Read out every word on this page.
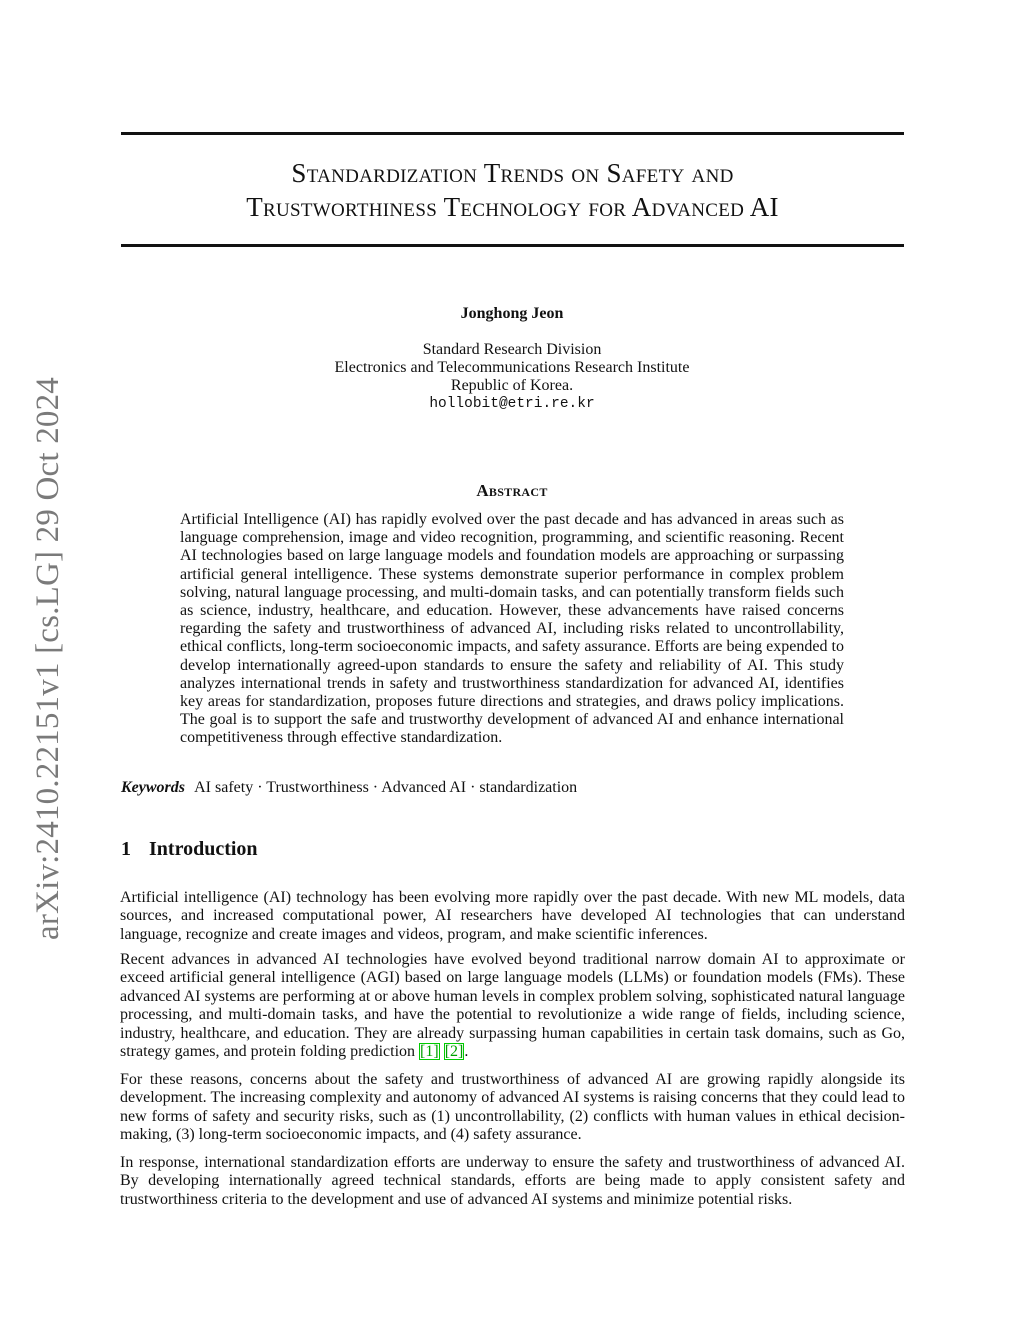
arXiv:2410.22151v1 [cs.LG] 29 Oct 2024
Standardization Trends on Safety and
Trustworthiness Technology for Advanced AI
Jonghong Jeon
Standard Research Division
Electronics and Telecommunications Research Institute
Republic of Korea.
hollobit@etri.re.kr
Abstract

Artificial Intelligence (AI) has rapidly evolved over the past decade and has advanced in areas such as language comprehension, image and video recognition, programming, and scientific reasoning. Recent AI technologies based on large language models and foundation models are approaching or surpassing artificial general intelligence. These systems demonstrate superior performance in complex problem solving, natural language processing, and multi-domain tasks, and can potentially transform fields such as science, industry, healthcare, and education. However, these advancements have raised concerns regarding the safety and trustworthiness of advanced AI, including risks related to uncontrollability, ethical conflicts, long-term socioeconomic impacts, and safety assurance. Efforts are being expended to develop internationally agreed-upon standards to ensure the safety and reliability of AI. This study analyzes international trends in safety and trustworthiness standardization for advanced AI, identifies key areas for standardization, proposes future directions and strategies, and draws policy implications. The goal is to support the safe and trustworthy development of advanced AI and enhance international competitiveness through effective standardization.

Keywords AI safety · Trustworthiness · Advanced AI · standardization
1 Introduction

Artificial intelligence (AI) technology has been evolving more rapidly over the past decade. With new ML models, data sources, and increased computational power, AI researchers have developed AI technologies that can understand language, recognize and create images and videos, program, and make scientific inferences.

Recent advances in advanced AI technologies have evolved beyond traditional narrow domain AI to approximate or exceed artificial general intelligence (AGI) based on large language models (LLMs) or foundation models (FMs). These advanced AI systems are performing at or above human levels in complex problem solving, sophisticated natural language processing, and multi-domain tasks, and have the potential to revolutionize a wide range of fields, including science, industry, healthcare, and education. They are already surpassing human capabilities in certain task domains, such as Go, strategy games, and protein folding prediction [1] [2].

For these reasons, concerns about the safety and trustworthiness of advanced AI are growing rapidly alongside its development. The increasing complexity and autonomy of advanced AI systems is raising concerns that they could lead to new forms of safety and security risks, such as (1) uncontrollability, (2) conflicts with human values in ethical decision-making, (3) long-term socioeconomic impacts, and (4) safety assurance.

In response, international standardization efforts are underway to ensure the safety and trustworthiness of advanced AI. By developing internationally agreed technical standards, efforts are being made to apply consistent safety and trustworthiness criteria to the development and use of advanced AI systems and minimize potential risks.
